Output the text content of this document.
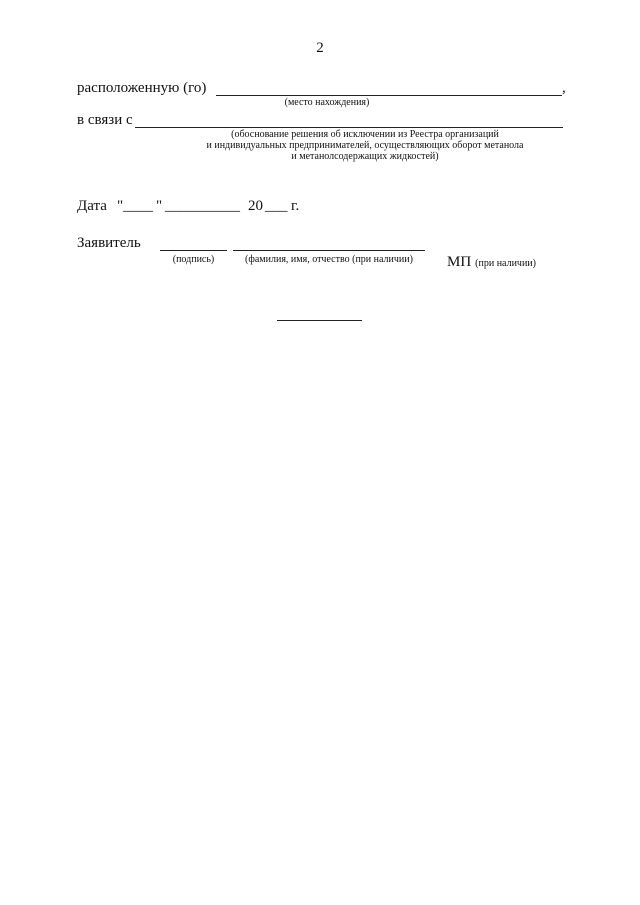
2
расположенную (го)	,
(место нахождения)
в связи с
(обоснование решения об исключении из Реестра организаций
и индивидуальных предпринимателей, осуществляющих оборот метанола
и метанолсодержащих жидкостей)
Дата " ____ " __________ 20 ___ г.
Заявитель
(подпись)	(фамилия, имя, отчество (при наличии)	МП (при наличии)
